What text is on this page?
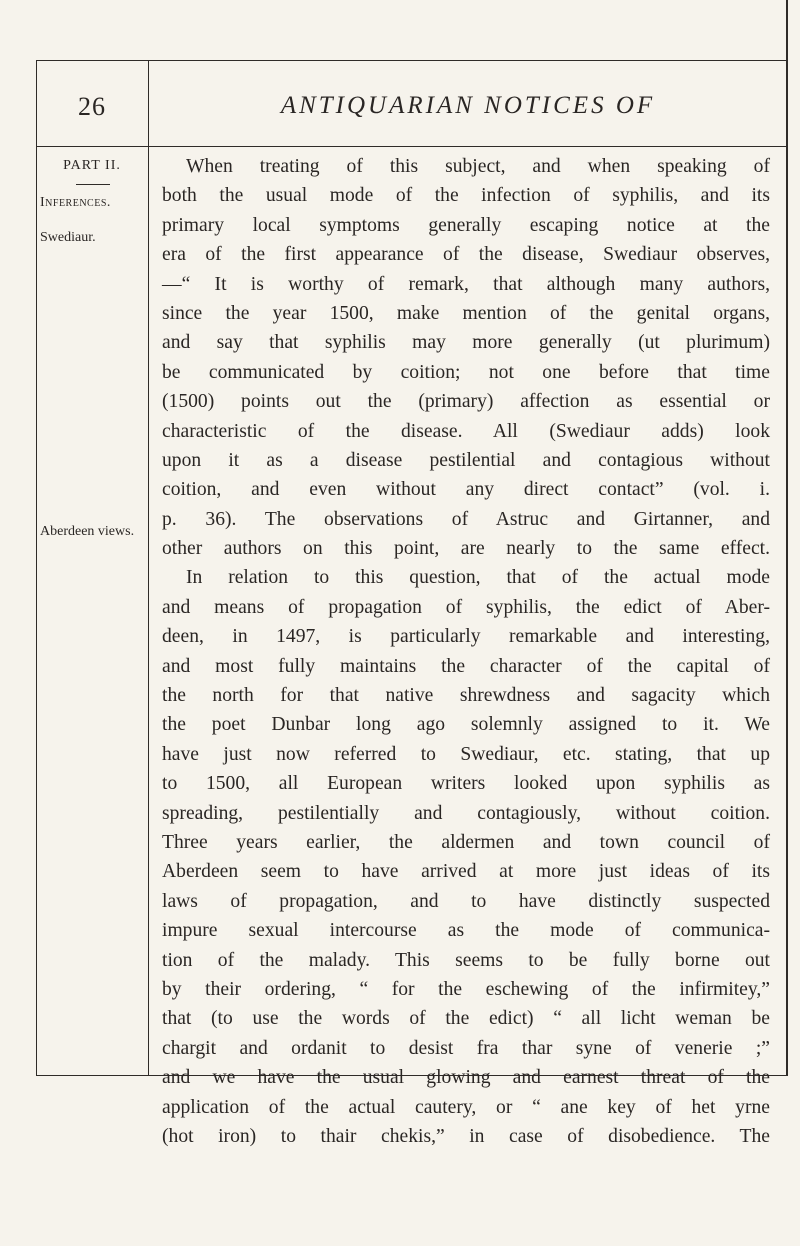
26	ANTIQUARIAN NOTICES OF
PART II.
Inferences.
Swediaur.
Aberdeen views.
When treating of this subject, and when speaking of
both the usual mode of the infection of syphilis, and its
primary local symptoms generally escaping notice at the
era of the first appearance of the disease, Swediaur observes,
—“ It is worthy of remark, that although many authors,
since the year 1500, make mention of the genital organs,
and say that syphilis may more generally (ut plurimum)
be communicated by coition; not one before that time
(1500) points out the (primary) affection as essential or
characteristic of the disease. All (Swediaur adds) look
upon it as a disease pestilential and contagious without
coition, and even without any direct contact” (vol. i.
p. 36). The observations of Astruc and Girtanner, and
other authors on this point, are nearly to the same effect.
In relation to this question, that of the actual mode
and means of propagation of syphilis, the edict of Aber-
deen, in 1497, is particularly remarkable and interesting,
and most fully maintains the character of the capital of
the north for that native shrewdness and sagacity which
the poet Dunbar long ago solemnly assigned to it. We
have just now referred to Swediaur, etc. stating, that up
to 1500, all European writers looked upon syphilis as
spreading, pestilentially and contagiously, without coition.
Three years earlier, the aldermen and town council of
Aberdeen seem to have arrived at more just ideas of its
laws of propagation, and to have distinctly suspected
impure sexual intercourse as the mode of communica-
tion of the malady. This seems to be fully borne out
by their ordering, “ for the eschewing of the infirmitey,”
that (to use the words of the edict) “ all licht weman be
chargit and ordanit to desist fra thar syne of venerie ;”
and we have the usual glowing and earnest threat of the
application of the actual cautery, or “ ane key of het yrne
(hot iron) to thair chekis,” in case of disobedience. The
